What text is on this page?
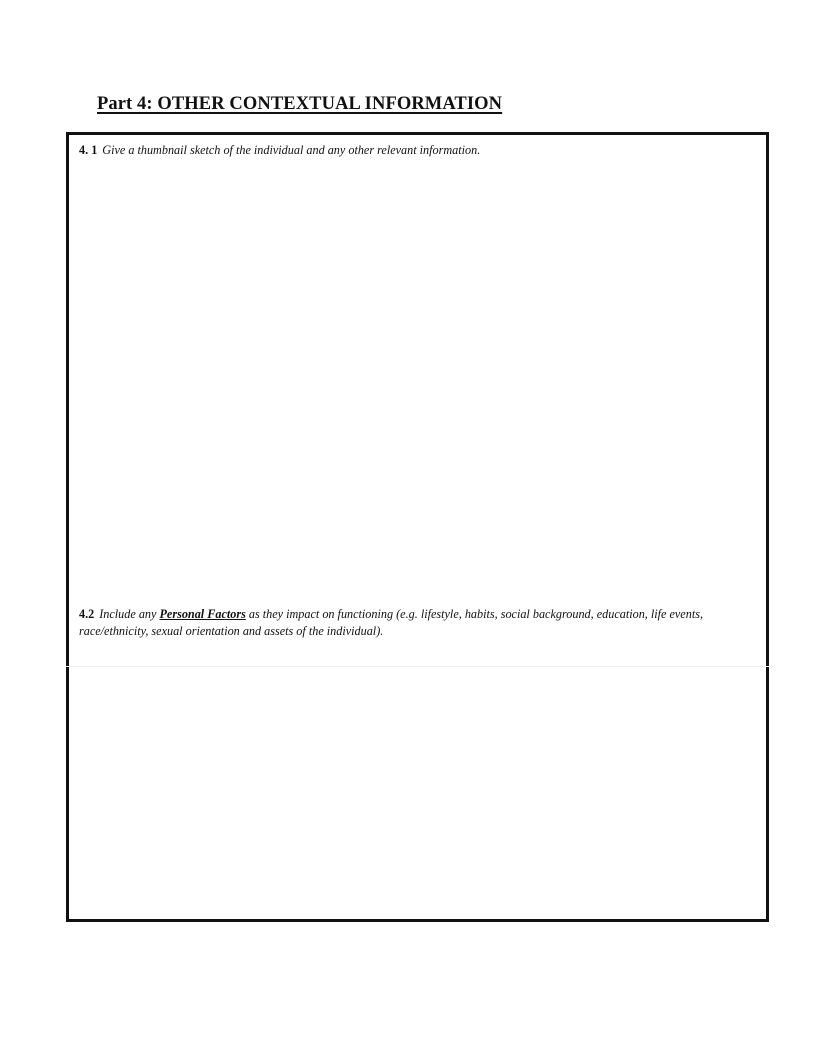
Part 4: OTHER CONTEXTUAL INFORMATION
4. 1 Give a thumbnail sketch of the individual and any other relevant information.
4.2 Include any Personal Factors as they impact on functioning (e.g. lifestyle, habits, social background, education, life events, race/ethnicity, sexual orientation and assets of the individual).
